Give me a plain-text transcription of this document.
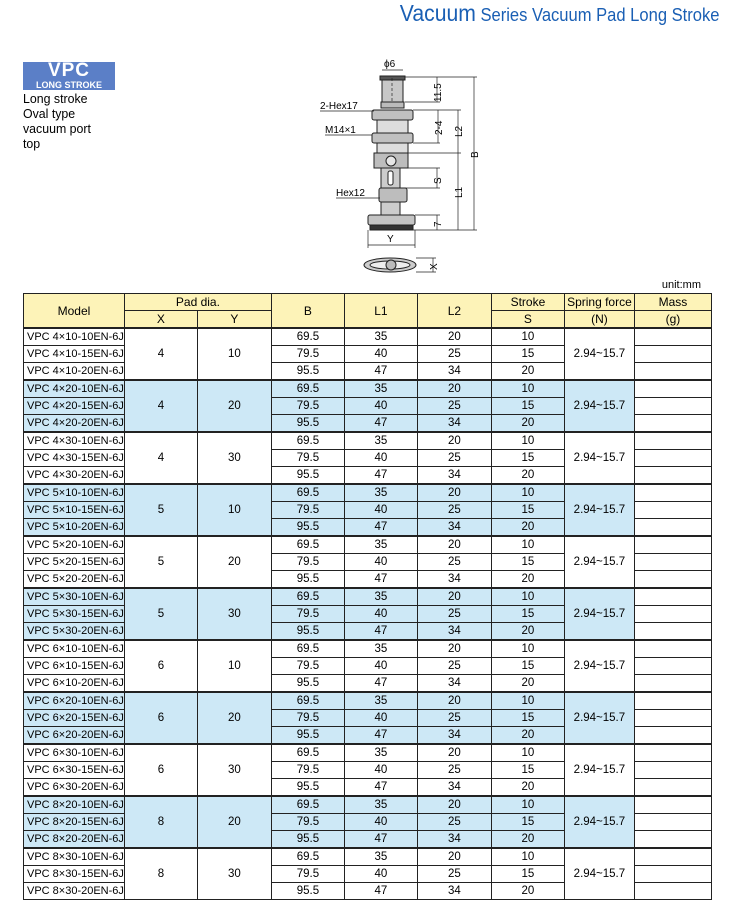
Vacuum Series Vacuum Pad Long Stroke
VPC
LONG STROKE
Long stroke
Oval type
vacuum port
top
ϕ6
11.5
2-Hex17
M14×1	2-4 L2
B
S
Hex12	L1
7
Y
X
unit:mm
Model	Pad dia.		B	L1	L2	Stroke	Spring force	Mass
	X	Y				S	(N)	(g)
VPC 4×10-10EN-6J	4	10	69.5	35	20	10	2.94~15.7	
VPC 4×10-15EN-6J			79.5	40	25	15		
VPC 4×10-20EN-6J			95.5	47	34	20		
VPC 4×20-10EN-6J	4	20	69.5	35	20	10	2.94~15.7	
VPC 4×20-15EN-6J			79.5	40	25	15		
VPC 4×20-20EN-6J			95.5	47	34	20		
VPC 4×30-10EN-6J	4	30	69.5	35	20	10	2.94~15.7	
VPC 4×30-15EN-6J			79.5	40	25	15		
VPC 4×30-20EN-6J			95.5	47	34	20		
VPC 5×10-10EN-6J	5	10	69.5	35	20	10	2.94~15.7	
VPC 5×10-15EN-6J			79.5	40	25	15		
VPC 5×10-20EN-6J			95.5	47	34	20		
VPC 5×20-10EN-6J	5	20	69.5	35	20	10	2.94~15.7	
VPC 5×20-15EN-6J			79.5	40	25	15		
VPC 5×20-20EN-6J			95.5	47	34	20		
VPC 5×30-10EN-6J	5	30	69.5	35	20	10	2.94~15.7	
VPC 5×30-15EN-6J			79.5	40	25	15		
VPC 5×30-20EN-6J			95.5	47	34	20		
VPC 6×10-10EN-6J	6	10	69.5	35	20	10	2.94~15.7	
VPC 6×10-15EN-6J			79.5	40	25	15		
VPC 6×10-20EN-6J			95.5	47	34	20		
VPC 6×20-10EN-6J	6	20	69.5	35	20	10	2.94~15.7	
VPC 6×20-15EN-6J			79.5	40	25	15		
VPC 6×20-20EN-6J			95.5	47	34	20		
VPC 6×30-10EN-6J	6	30	69.5	35	20	10	2.94~15.7	
VPC 6×30-15EN-6J			79.5	40	25	15		
VPC 6×30-20EN-6J			95.5	47	34	20		
VPC 8×20-10EN-6J	8	20	69.5	35	20	10	2.94~15.7	
VPC 8×20-15EN-6J			79.5	40	25	15		
VPC 8×20-20EN-6J			95.5	47	34	20		
VPC 8×30-10EN-6J	8	30	69.5	35	20	10	2.94~15.7	
VPC 8×30-15EN-6J			79.5	40	25	15		
VPC 8×30-20EN-6J			95.5	47	34	20		
